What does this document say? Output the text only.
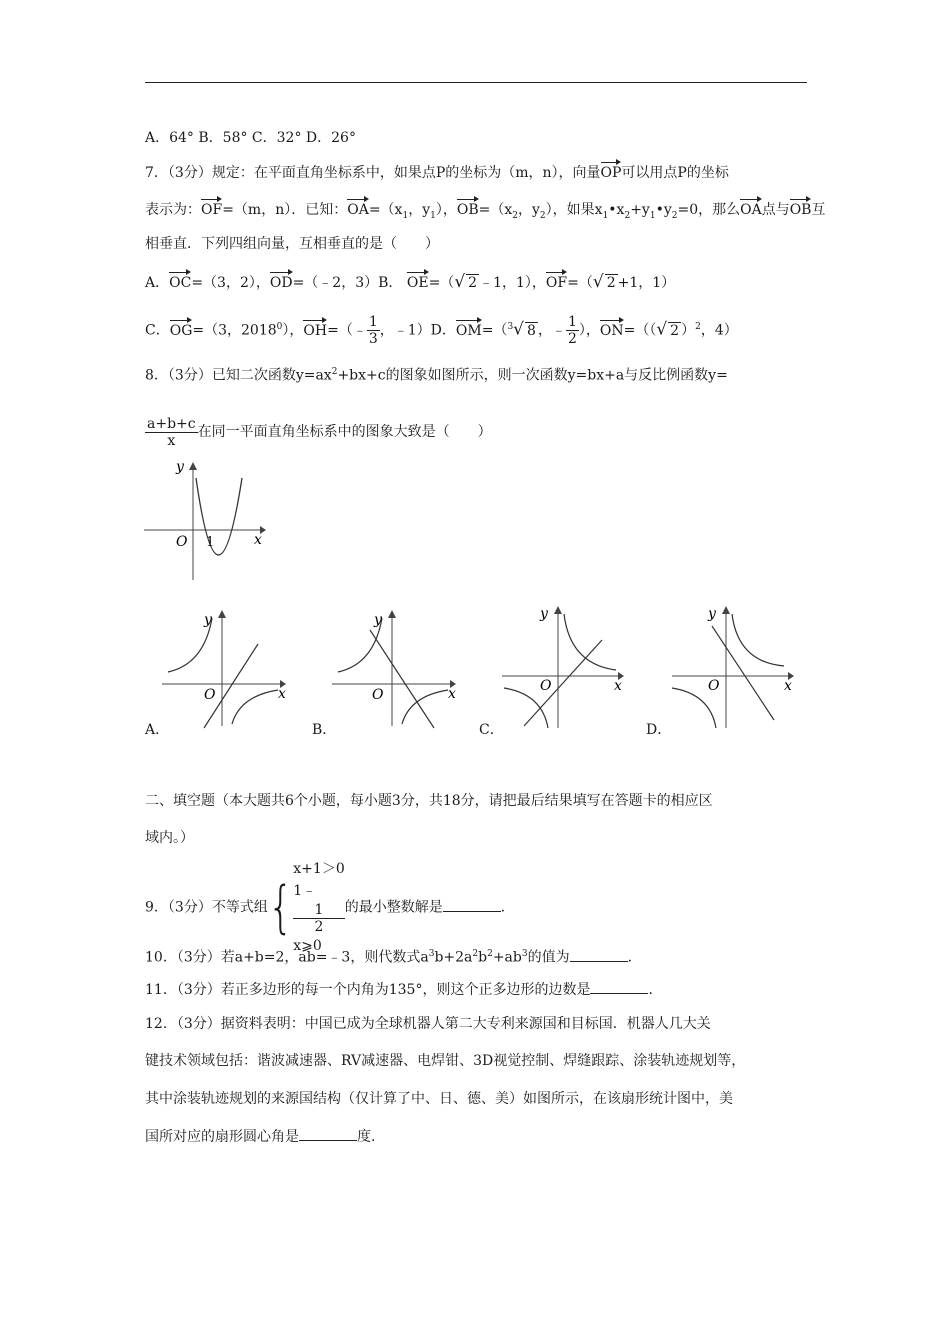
A．64° B．58° C．32° D．26°
7．（3分）规定：在平面直角坐标系中，如果点P的坐标为（m，n），向量OP可以用点P的坐标
表示为：OF=（m，n）．已知：$OA=(x_1$，$y_1$），$OB=(x_2$，$y_2$），如果$x_1•x_2+y_1•y_2=0$，那么OA点与OB互
相垂直．下列四组向量，互相垂直的是（　　）
A．OC=（3，2），OD=（﹣2，3）B． OE=（√ 2 ﹣1，1），OF=（√ 2 +1，1）
C．OG=（3，2018$^0$），OH=（﹣ $\frac{1}{3}$ ，﹣1）D．OM=（$^3$√ 8 ，﹣ $\frac{1}{2}$ ），ON=（（√ 2 ）$^2$，4）
8．（3分）已知二次函数$y=ax^2+bx+c$的图象如图所示，则一次函数y=bx+a与反比例函数y=
$\frac{a+b+c}{x}$ 在同一平面直角坐标系中的图象大致是（　　）
y
x
O 1
y
x
O
y
x
O
y
x
O
y
x
O
A．	B．	C．	D．
二、填空题（本大题共6个小题，每小题3分，共18分，请把最后结果填写在答题卡的相应区
域内。）
9．（3分）不等式组{
x+1＞0
1﹣
1
2
x⩾0
的最小整数解是	．
10．（3分）若a+b=2，ab=﹣3，则代数式$a^3b+2a^2b^2+ab^3$的值为	．
11．（3分）若正多边形的每一个内角为135°，则这个正多边形的边数是	．
12．（3分）据资料表明：中国已成为全球机器人第二大专利来源国和目标国．机器人几大关
键技术领域包括：谐波减速器、RV减速器、电焊钳、3D视觉控制、焊缝跟踪、涂装轨迹规划等，
其中涂装轨迹规划的来源国结构（仅计算了中、日、德、美）如图所示，在该扇形统计图中，美
国所对应的扇形圆心角是	度．
